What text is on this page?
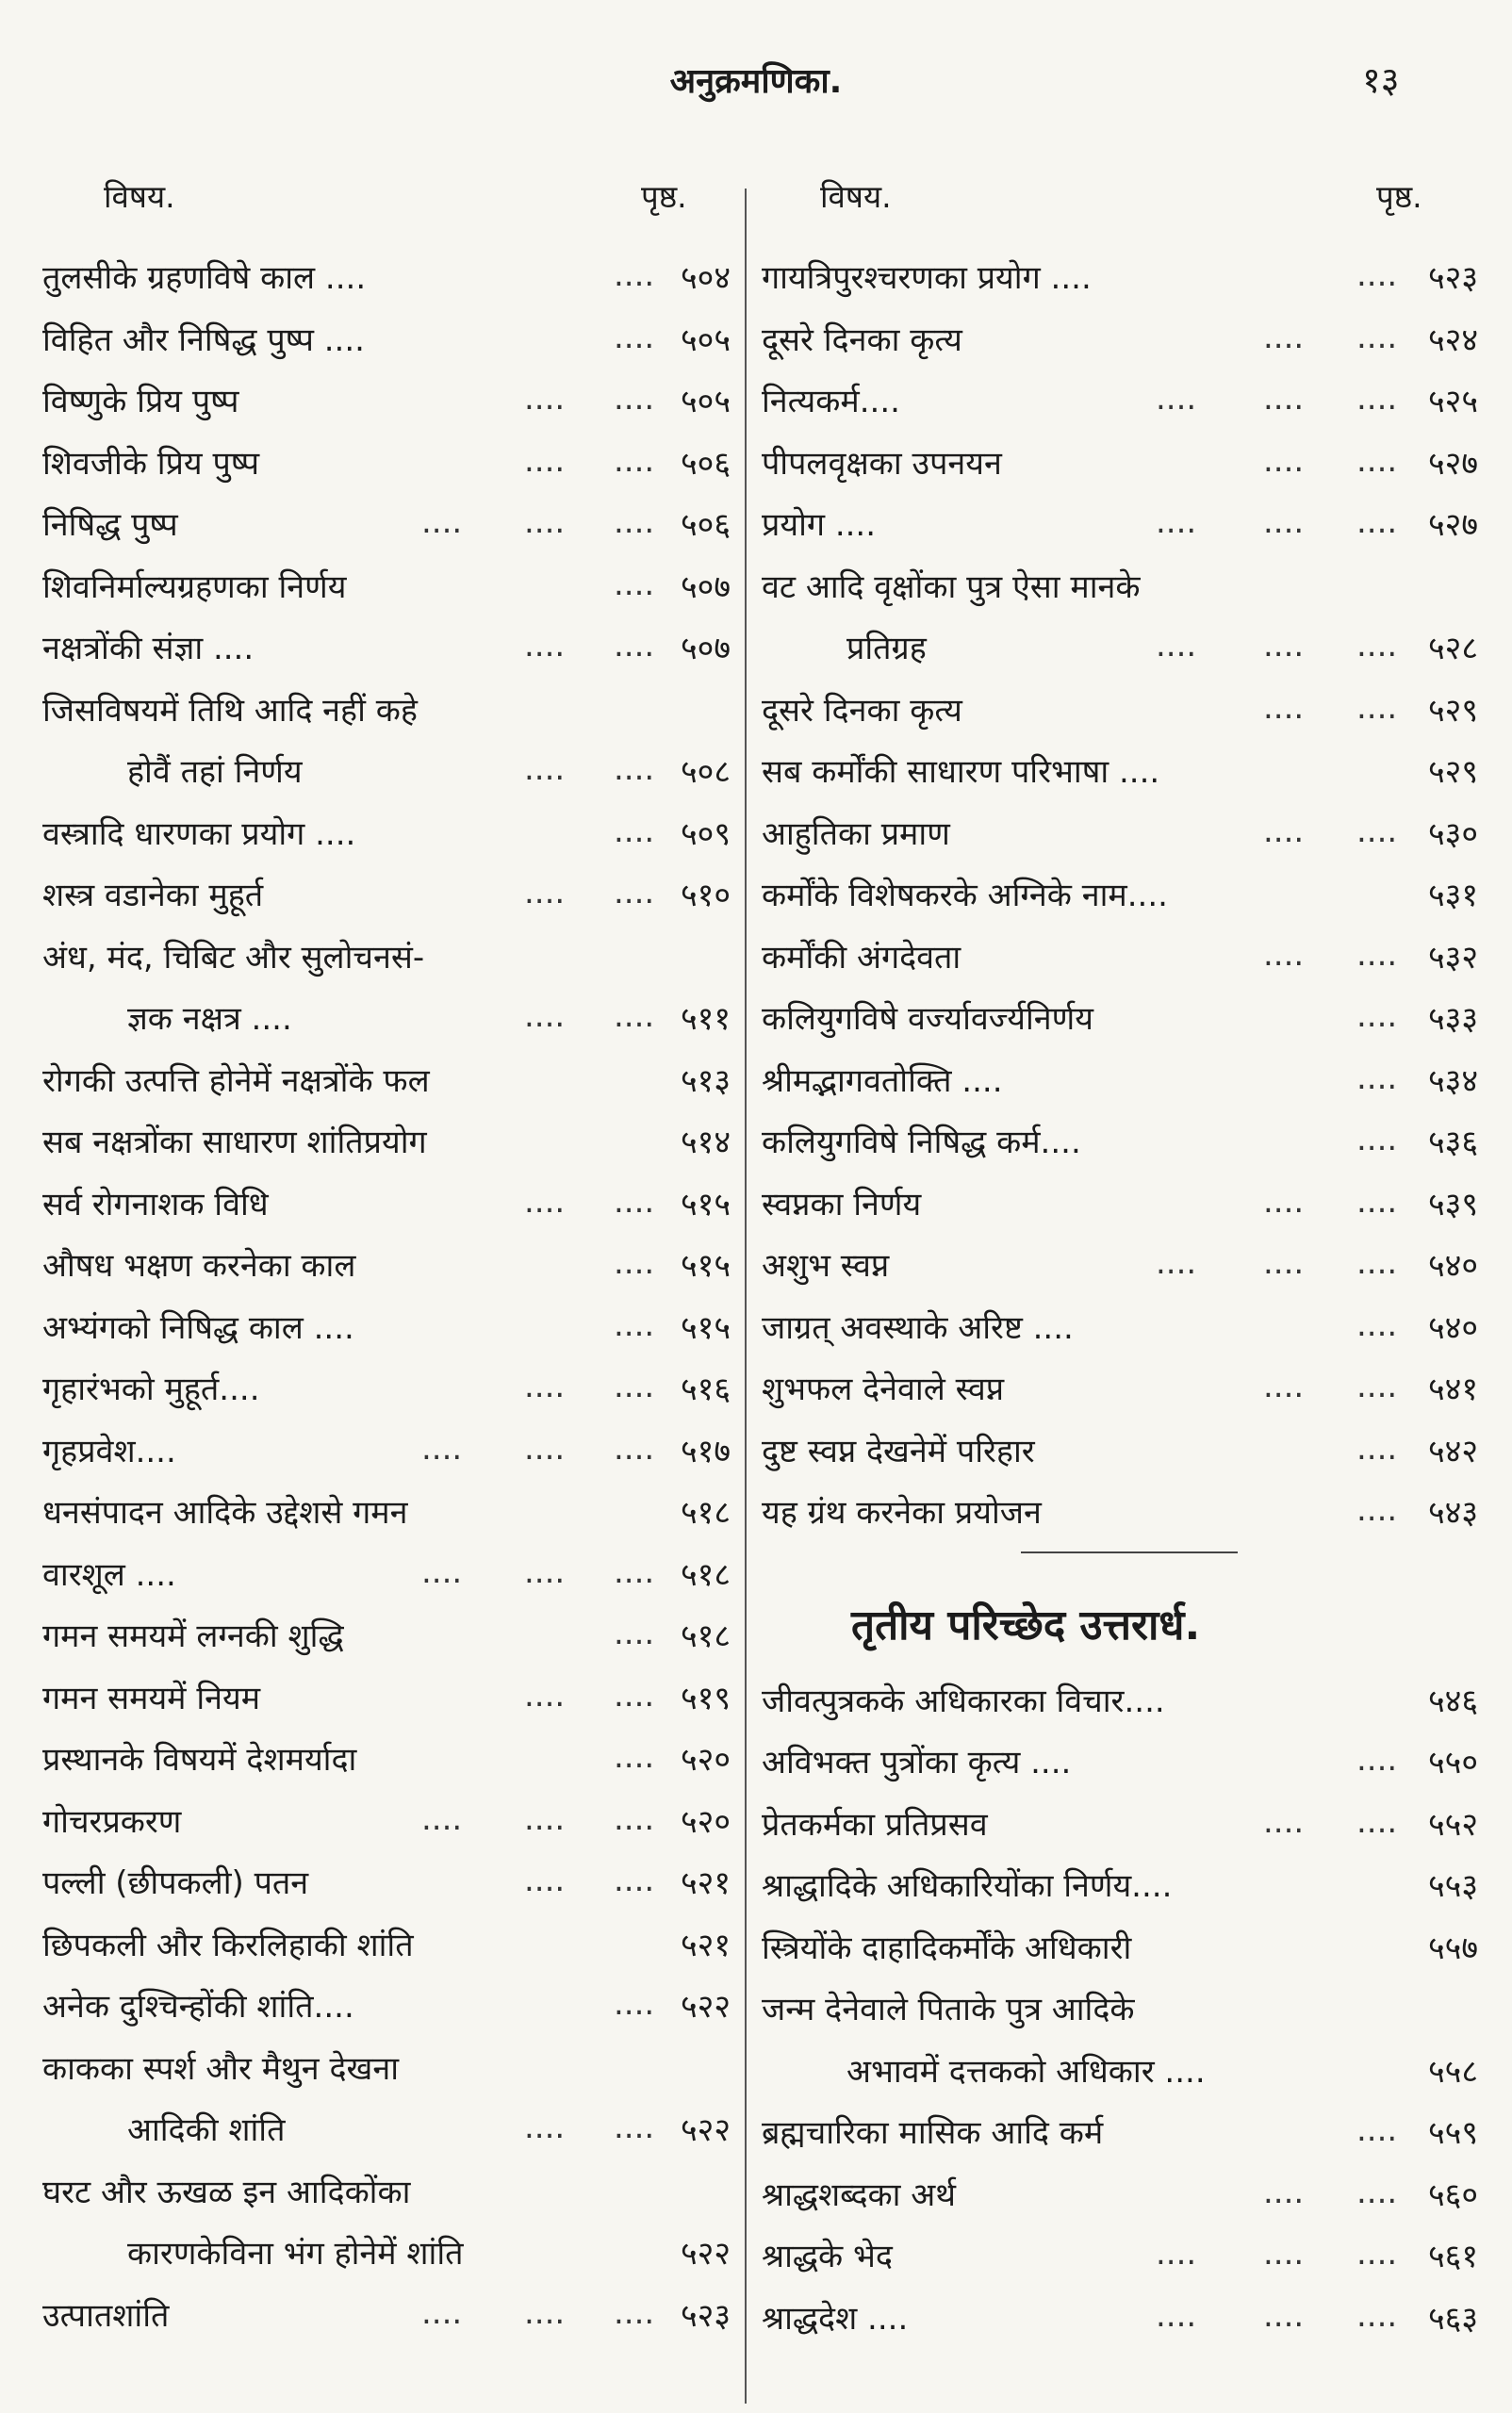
अनुक्रमणिका.	१३
विषय.	पृष्ठ.	विषय.	पृष्ठ.
तुलसीके ग्रहणविषे काल ....	.... ५०४
विहित और निषिद्ध पुष्प ....	.... ५०५
विष्णुके प्रिय पुष्प	.... .... ५०५
शिवजीके प्रिय पुष्प	.... .... ५०६
निषिद्ध पुष्प	.... .... .... ५०६
शिवनिर्माल्यग्रहणका निर्णय	.... ५०७
नक्षत्रोंकी संज्ञा ....	.... .... ५०७
जिसविषयमें तिथि आदि नहीं कहे
होवैं तहां निर्णय	.... .... ५०८
वस्त्रादि धारणका प्रयोग ....	.... ५०९
शस्त्र वडानेका मुहूर्त	.... .... ५१०
अंध, मंद, चिबिट और सुलोचनसं-
ज्ञक नक्षत्र ....	.... .... ५११
रोगकी उत्पत्ति होनेमें नक्षत्रोंके फल	५१३
सब नक्षत्रोंका साधारण शांतिप्रयोग	५१४
सर्व रोगनाशक विधि	.... .... ५१५
औषध भक्षण करनेका काल	.... ५१५
अभ्यंगको निषिद्ध काल ....	.... ५१५
गृहारंभको मुहूर्त....	.... .... ५१६
गृहप्रवेश....	.... .... .... ५१७
धनसंपादन आदिके उद्देशसे गमन	५१८
वारशूल ....	.... .... .... ५१८
गमन समयमें लग्नकी शुद्धि	.... ५१८
गमन समयमें नियम	.... .... ५१९
प्रस्थानके विषयमें देशमर्यादा	.... ५२०
गोचरप्रकरण	.... .... .... ५२०
पल्ली (छीपकली) पतन	.... .... ५२१
छिपकली और किरलिहाकी शांति	५२१
अनेक दुश्चिन्होंकी शांति....	.... ५२२
काकका स्पर्श और मैथुन देखना
आदिकी शांति	.... .... ५२२
घरट और ऊखळ इन आदिकोंका
कारणकेविना भंग होनेमें शांति	५२२
उत्पातशांति	.... .... .... ५२३
गायत्रिपुरश्चरणका प्रयोग ....	.... ५२३
दूसरे दिनका कृत्य	.... .... ५२४
नित्यकर्म....	.... .... .... ५२५
पीपलवृक्षका उपनयन	.... .... ५२७
प्रयोग ....	.... .... .... ५२७
वट आदि वृक्षोंका पुत्र ऐसा मानके
प्रतिग्रह	.... .... .... ५२८
दूसरे दिनका कृत्य	.... .... ५२९
सब कर्मोंकी साधारण परिभाषा ....	५२९
आहुतिका प्रमाण	.... .... ५३०
कर्मोंके विशेषकरके अग्निके नाम....	५३१
कर्मोंकी अंगदेवता	.... .... ५३२
कलियुगविषे वर्ज्यावर्ज्यनिर्णय	.... ५३३
श्रीमद्भागवतोक्ति ....	.... ५३४
कलियुगविषे निषिद्ध कर्म....	.... ५३६
स्वप्नका निर्णय	.... .... ५३९
अशुभ स्वप्न	.... .... .... ५४०
जाग्रत् अवस्थाके अरिष्ट ....	.... ५४०
शुभफल देनेवाले स्वप्न	.... .... ५४१
दुष्ट स्वप्न देखनेमें परिहार	.... ५४२
यह ग्रंथ करनेका प्रयोजन	.... ५४३
तृतीय परिच्छेद उत्तरार्ध.
जीवत्पुत्रकके अधिकारका विचार....	५४६
अविभक्त पुत्रोंका कृत्य ....	.... ५५०
प्रेतकर्मका प्रतिप्रसव	.... .... ५५२
श्राद्धादिके अधिकारियोंका निर्णय....	५५३
स्त्रियोंके दाहादिकर्मोंके अधिकारी	५५७
जन्म देनेवाले पिताके पुत्र आदिके
अभावमें दत्तकको अधिकार ....	५५८
ब्रह्मचारिका मासिक आदि कर्म	.... ५५९
श्राद्धशब्दका अर्थ	.... .... ५६०
श्राद्धके भेद	.... .... .... ५६१
श्राद्धदेश ....	.... .... .... ५६३
